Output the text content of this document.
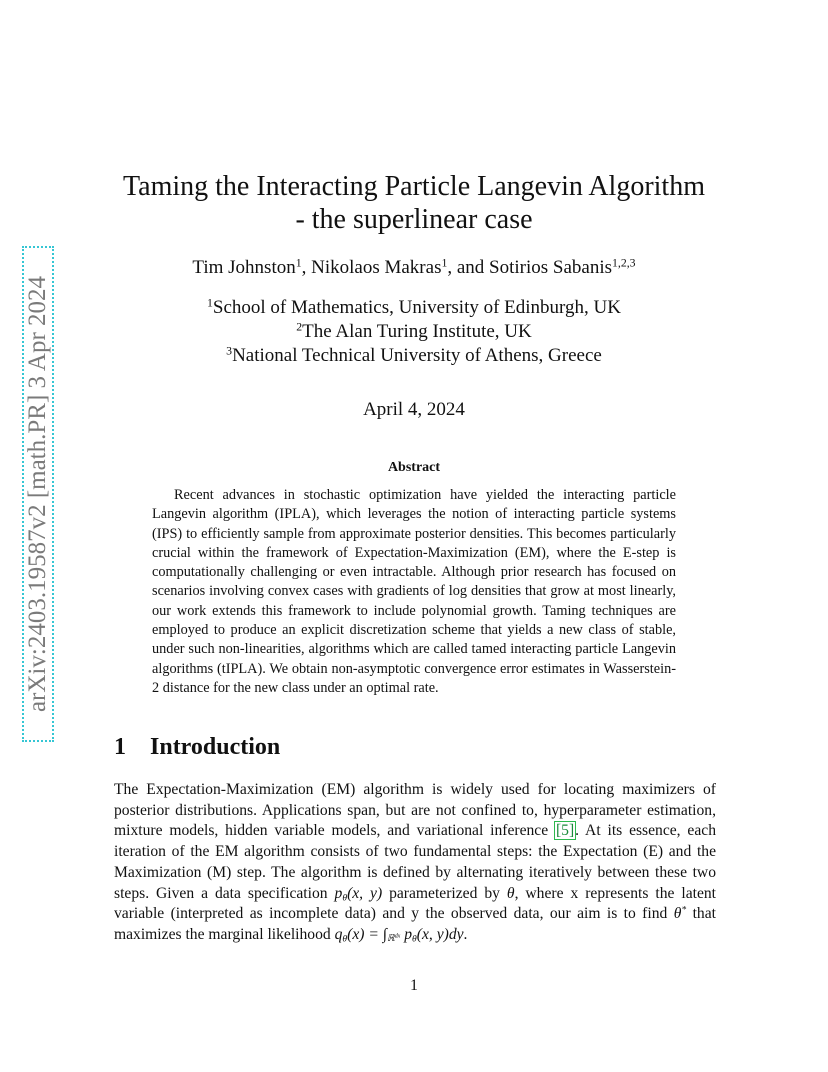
arXiv:2403.19587v2 [math.PR] 3 Apr 2024
Taming the Interacting Particle Langevin Algorithm
- the superlinear case
Tim Johnston$^1$, Nikolaos Makras$^1$, and Sotirios Sabanis$^{1,2,3}$
$^1$School of Mathematics, University of Edinburgh, UK
$^2$The Alan Turing Institute, UK
$^3$National Technical University of Athens, Greece
April 4, 2024
Abstract
Recent advances in stochastic optimization have yielded the interacting particle Langevin algorithm (IPLA), which leverages the notion of interacting particle systems (IPS) to efficiently sample from approximate posterior densities. This becomes particularly crucial within the framework of Expectation-Maximization (EM), where the E-step is computationally challenging or even intractable. Although prior research has focused on scenarios involving convex cases with gradients of log densities that grow at most linearly, our work extends this framework to include polynomial growth. Taming techniques are employed to produce an explicit discretization scheme that yields a new class of stable, under such non-linearities, algorithms which are called tamed interacting particle Langevin algorithms (tIPLA). We obtain non-asymptotic convergence error estimates in Wasserstein-2 distance for the new class under an optimal rate.
1 Introduction
The Expectation-Maximization (EM) algorithm is widely used for locating maximizers of posterior distributions. Applications span, but are not confined to, hyperparameter estimation, mixture models, hidden variable models, and variational inference [5]. At its essence, each iteration of the EM algorithm consists of two fundamental steps: the Expectation (E) and the Maximization (M) step. The algorithm is defined by alternating iteratively between these two steps. Given a data specification $p_\theta(x$, y) parameterized by θ, where x represents the latent variable (interpreted as incomplete data) and y the observed data, our aim is to find θ* that maximizes the marginal likelihood $q_\theta(x) = \int_{ℝ^{dx}}$ $p_\theta(x$, y)dy.
1
